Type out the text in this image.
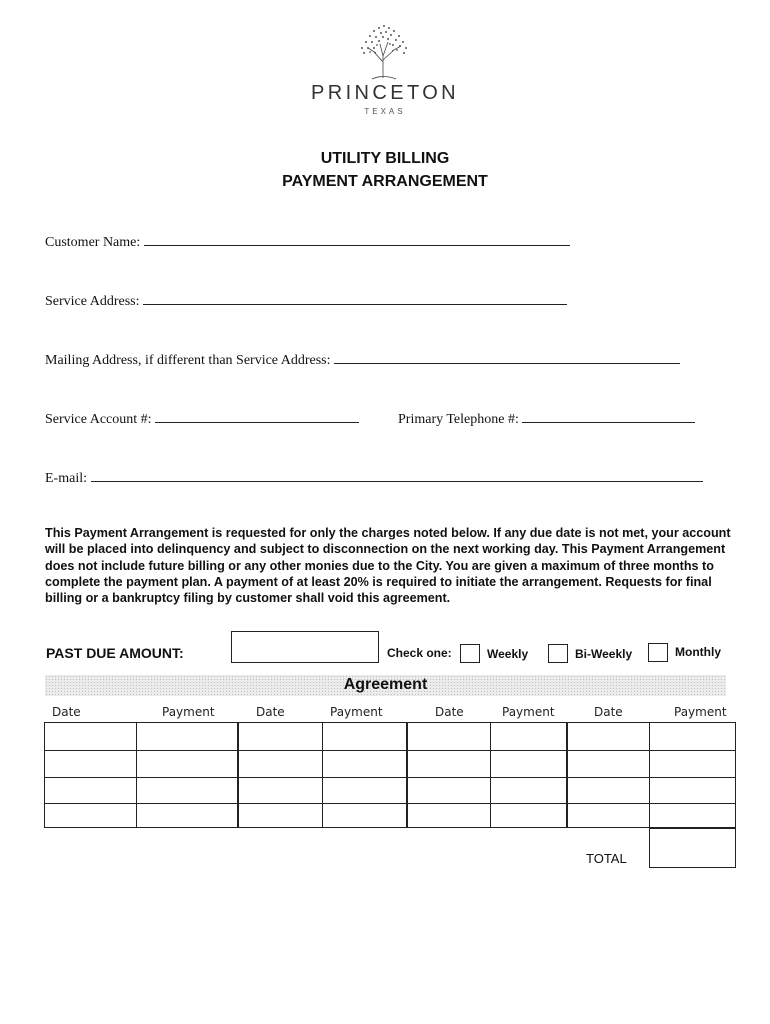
PRINCETON
TEXAS
UTILITY BILLING
PAYMENT ARRANGEMENT
Customer Name:
Service Address:
Mailing Address, if different than Service Address:
Service Account #:	Primary Telephone #:
E-mail:
This Payment Arrangement is requested for only the charges noted below. If any due date is not met, your account will be placed into delinquency and subject to disconnection on the next working day. This Payment Arrangement does not include future billing or any other monies due to the City. You are given a maximum of three months to complete the payment plan. A payment of at least 20% is required to initiate the arrangement. Requests for final billing or a bankruptcy filing by customer shall void this agreement.
PAST DUE AMOUNT:	Check one:	Weekly	Bi-Weekly	Monthly
Agreement
Date	Payment	Date	Payment	Date	Payment	Date	Payment
TOTAL
